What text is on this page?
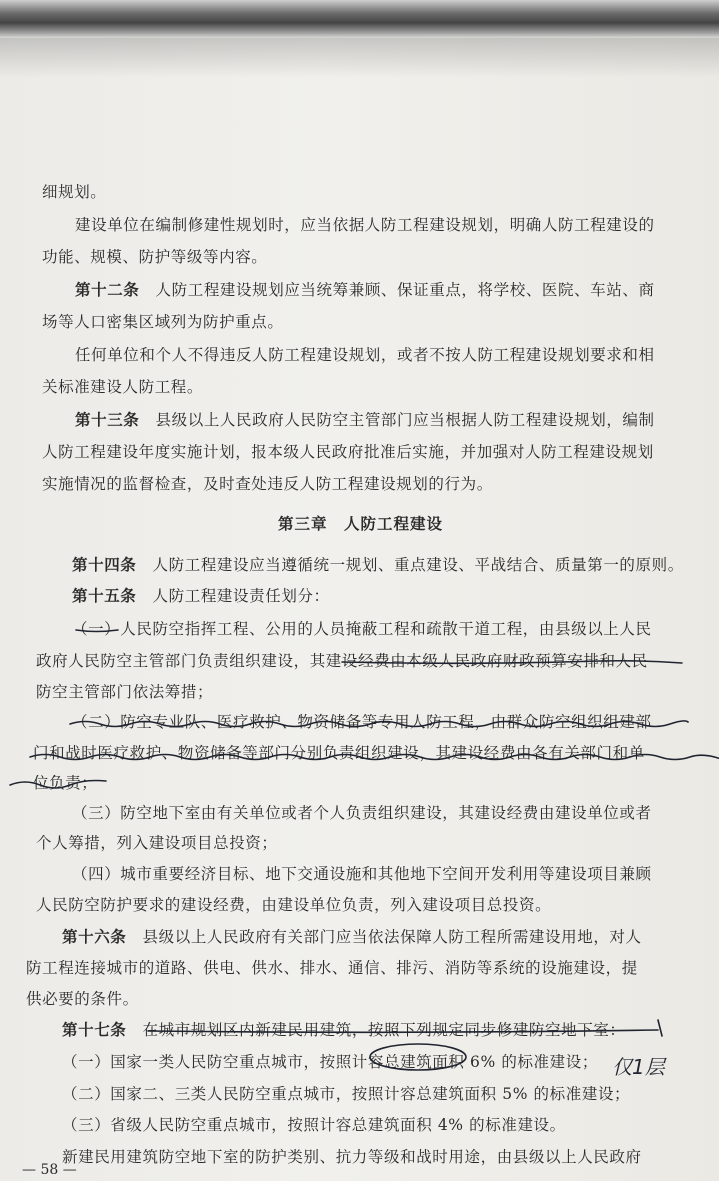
细规划。

建设单位在编制修建性规划时，应当依据人防工程建设规划，明确人防工程建设的

功能、规模、防护等级等内容。

第十二条　 人防工程建设规划应当统筹兼顾、保证重点，将学校、医院、车站、商

场等人口密集区域列为防护重点。

任何单位和个人不得违反人防工程建设规划，或者不按人防工程建设规划要求和相

关标准建设人防工程。

第十三条　 县级以上人民政府人民防空主管部门应当根据人防工程建设规划，编制

人防工程建设年度实施计划，报本级人民政府批准后实施，并加强对人防工程建设规划

实施情况的监督检查，及时查处违反人防工程建设规划的行为。

第三章　人防工程建设

第十四条　 人防工程建设应当遵循统一规划、重点建设、平战结合、质量第一的原则。

第十五条　 人防工程建设责任划分：

（一）人民防空指挥工程、公用的人员掩蔽工程和疏散干道工程，由县级以上人民

政府人民防空主管部门负责组织建设，其建设经费由本级人民政府财政预算安排和人民

防空主管部门依法筹措；

（二）防空专业队、医疗救护、物资储备等专用人防工程，由群众防空组织组建部

门和战时医疗救护、物资储备等部门分别负责组织建设，其建设经费由各有关部门和单

位负责；

（三）防空地下室由有关单位或者个人负责组织建设，其建设经费由建设单位或者

个人筹措，列入建设项目总投资；

（四）城市重要经济目标、地下交通设施和其他地下空间开发利用等建设项目兼顾

人民防空防护要求的建设经费，由建设单位负责，列入建设项目总投资。

第十六条　 县级以上人民政府有关部门应当依法保障人防工程所需建设用地，对人

防工程连接城市的道路、供电、供水、排水、通信、排污、消防等系统的设施建设，提

供必要的条件。

第十七条　 在城市规划区内新建民用建筑，按照下列规定同步修建防空地下室：

（一）国家一类人民防空重点城市，按照计容总建筑面积 6% 的标准建设；

（二）国家二、三类人民防空重点城市，按照计容总建筑面积 5% 的标准建设；

（三）省级人民防空重点城市，按照计容总建筑面积 4% 的标准建设。

新建民用建筑防空地下室的防护类别、抗力等级和战时用途，由县级以上人民政府

仅1层
— 58 —
